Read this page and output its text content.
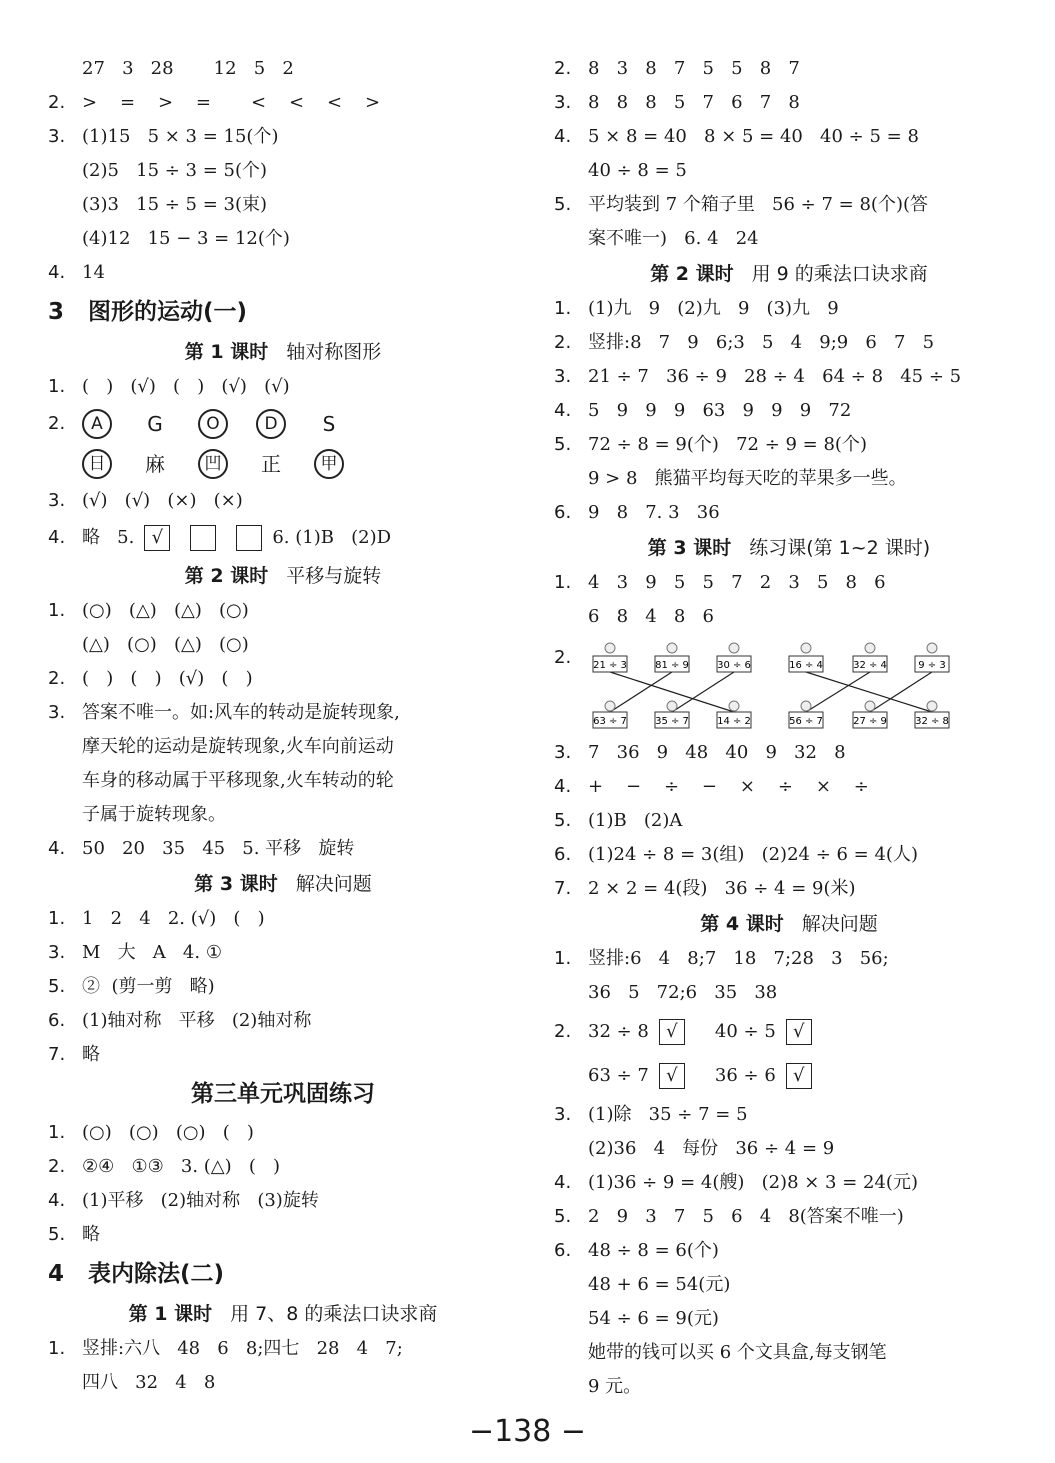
27   3   28       12   5   2
2. >    =    >    =       <    <    <    >
3. (1)15   5 × 3 = 15(个)
(2)5   15 ÷ 3 = 5(个)
(3)3   15 ÷ 5 = 3(束)
(4)12   15 − 3 = 12(个)
4. 14
3 图形的运动(一)
第 1 课时 轴对称图形
1. (   )   (√)   (   )   (√)   (√)
2. A G	O	D S
日 麻 凹 正 甲
3. (√)   (√)   (×)   (×)
4. 略   5. √	6. (1)B   (2)D
第 2 课时 平移与旋转
1. (○)   (△)   (△)   (○)
(△)   (○)   (△)   (○)
2. (   )   (   )   (√)   (   )
3. 答案不唯一。如:风车的转动是旋转现象,
摩天轮的运动是旋转现象,火车向前运动
车身的移动属于平移现象,火车转动的轮
子属于旋转现象。
4. 50   20   35   45   5. 平移   旋转
第 3 课时 解决问题
1. 1   2   4   2. (√)   (   )
3. M   大   A   4. ①
5. ②  (剪一剪   略)
6. (1)轴对称   平移   (2)轴对称
7. 略
第三单元巩固练习
1. (○)   (○)   (○)   (   )
2. ②④   ①③   3. (△)   (   )
4. (1)平移   (2)轴对称   (3)旋转
5. 略
4 表内除法(二)
第 1 课时 用 7、8 的乘法口诀求商
1. 竖排:六八   48   6   8;四七   28   4   7;
四八   32   4   8
2. 8   3   8   7   5   5   8   7
3. 8   8   8   5   7   6   7   8
4. 5 × 8 = 40   8 × 5 = 40   40 ÷ 5 = 8
40 ÷ 8 = 5
5. 平均装到 7 个箱子里   56 ÷ 7 = 8(个)(答
案不唯一)   6. 4   24
第 2 课时 用 9 的乘法口诀求商
1. (1)九   9   (2)九   9   (3)九   9
2. 竖排:8   7   9   6;3   5   4   9;9   6   7   5
3. 21 ÷ 7   36 ÷ 9   28 ÷ 4   64 ÷ 8   45 ÷ 5
4. 5   9   9   9   63   9   9   9   72
5. 72 ÷ 8 = 9(个)   72 ÷ 9 = 8(个)
9 > 8   熊猫平均每天吃的苹果多一些。
6. 9   8   7. 3   36
第 3 课时 练习课(第 1~2 课时)
1. 4   3   9   5   5   7   2   3   5   8   6
6   8   4   8   6
2.	21 ÷ 3	81 ÷ 9	30 ÷ 6	16 ÷ 4	32 ÷ 4	9 ÷ 3
63 ÷ 7	35 ÷ 7	14 ÷ 2	56 ÷ 7	27 ÷ 9	32 ÷ 8
3. 7   36   9   48   40   9   32   8
4. +    −    ÷    −    ×    ÷    ×    ÷
5. (1)B   (2)A
6. (1)24 ÷ 8 = 3(组)   (2)24 ÷ 6 = 4(人)
7. 2 × 2 = 4(段)   36 ÷ 4 = 9(米)
第 4 课时 解决问题
1. 竖排:6   4   8;7   18   7;28   3   56;
36   5   72;6   35   38
2. 32 ÷ 8 √ 40 ÷ 5 √
63 ÷ 7 √ 36 ÷ 6 √
3. (1)除   35 ÷ 7 = 5
(2)36   4   每份   36 ÷ 4 = 9
4. (1)36 ÷ 9 = 4(艘)   (2)8 × 3 = 24(元)
5. 2   9   3   7   5   6   4   8(答案不唯一)
6. 48 ÷ 8 = 6(个)
48 + 6 = 54(元)
54 ÷ 6 = 9(元)
她带的钱可以买 6 个文具盒,每支钢笔
9 元。
−138 −
